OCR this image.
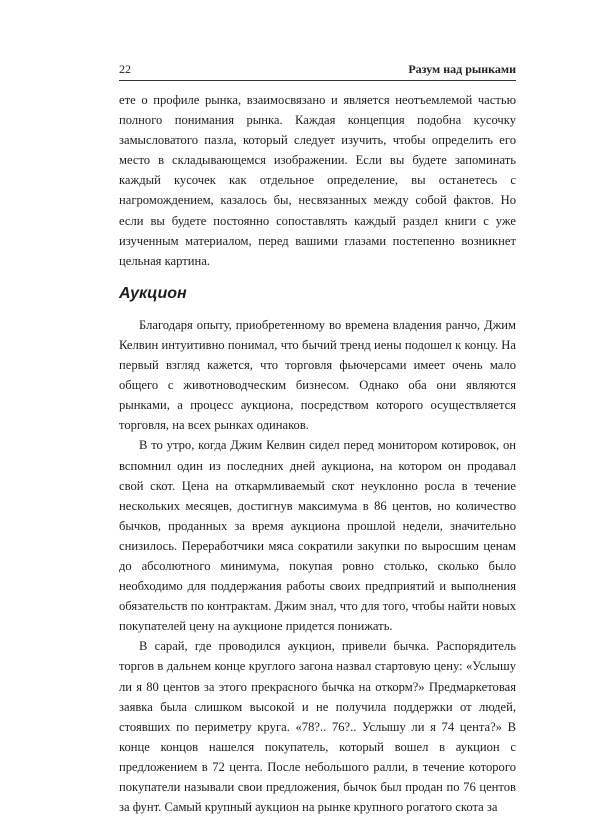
22	Разум над рынками

ете о профиле рынка, взаимосвязано и является неотъемлемой частью полного понимания рынка. Каждая концепция подобна кусочку замысловатого пазла, который следует изучить, чтобы определить его место в складывающемся изображении. Если вы будете запоминать каждый кусочек как отдельное определение, вы останетесь с нагромождением, казалось бы, несвязанных между собой фактов. Но если вы будете постоянно сопоставлять каждый раздел книги с уже изученным материалом, перед вашими глазами постепенно возникнет цельная картина.

Аукцион

Благодаря опыту, приобретенному во времена владения ранчо, Джим Келвин интуитивно понимал, что бычий тренд иены подошел к концу. На первый взгляд кажется, что торговля фьючерсами имеет очень мало общего с животноводческим бизнесом. Однако оба они являются рынками, а процесс аукциона, посредством которого осуществляется торговля, на всех рынках одинаков.

В то утро, когда Джим Келвин сидел перед монитором котировок, он вспомнил один из последних дней аукциона, на котором он продавал свой скот. Цена на откармливаемый скот неуклонно росла в течение нескольких месяцев, достигнув максимума в 86 центов, но количество бычков, проданных за время аукциона прошлой недели, значительно снизилось. Переработчики мяса сократили закупки по выросшим ценам до абсолютного минимума, покупая ровно столько, сколько было необходимо для поддержания работы своих предприятий и выполнения обязательств по контрактам. Джим знал, что для того, чтобы найти новых покупателей цену на аукционе придется понижать.

В сарай, где проводился аукцион, привели бычка. Распорядитель торгов в дальнем конце круглого загона назвал стартовую цену: «Услышу ли я 80 центов за этого прекрасного бычка на откорм?» Предмаркетовая заявка была слишком высокой и не получила поддержки от людей, стоявших по периметру круга. «78?.. 76?.. Услышу ли я 74 цента?» В конце концов нашелся покупатель, который вошел в аукцион с предложением в 72 цента. После небольшого ралли, в течение которого покупатели называли свои предложения, бычок был продан по 76 центов за фунт. Самый крупный аукцион на рынке крупного рогатого скота за
